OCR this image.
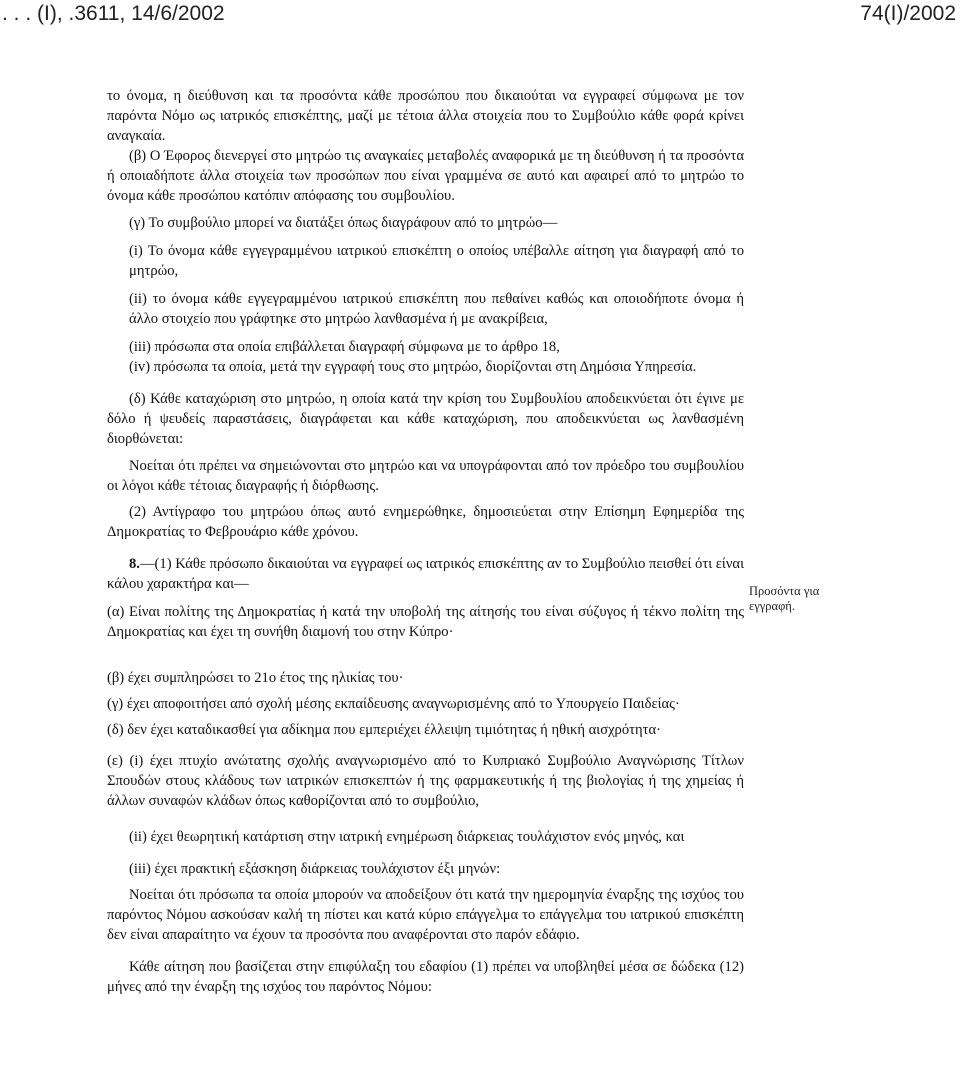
. . . (I), .3611, 14/6/2002	74(I)/2002

το όνομα, η διεύθυνση και τα προσόντα κάθε προσώπου που δικαιούται να εγγραφεί σύμφωνα με τον παρόντα Νόμο ως ιατρικός επισκέπτης, μαζί με τέτοια άλλα στοιχεία που το Συμβούλιο κάθε φορά κρίνει αναγκαία.

(β) Ο Έφορος διενεργεί στο μητρώο τις αναγκαίες μεταβολές αναφορικά με τη διεύθυνση ή τα προσόντα ή οποιαδήποτε άλλα στοιχεία των προσώπων που είναι γραμμένα σε αυτό και αφαιρεί από το μητρώο το όνομα κάθε προσώπου κατόπιν απόφασης του συμβουλίου.

(γ) Το συμβούλιο μπορεί να διατάξει όπως διαγράφουν από το μητρώο—

(i) Το όνομα κάθε εγγεγραμμένου ιατρικού επισκέπτη ο οποίος υπέβαλλε αίτηση για διαγραφή από το μητρώο,

(ii) το όνομα κάθε εγγεγραμμένου ιατρικού επισκέπτη που πεθαίνει καθώς και οποιοδήποτε όνομα ή άλλο στοιχείο που γράφτηκε στο μητρώο λανθασμένα ή με ανακρίβεια,

(iii) πρόσωπα στα οποία επιβάλλεται διαγραφή σύμφωνα με το άρθρο 18,

(iv) πρόσωπα τα οποία, μετά την εγγραφή τους στο μητρώο, διορίζονται στη Δημόσια Υπηρεσία.

(δ) Κάθε καταχώριση στο μητρώο, η οποία κατά την κρίση του Συμβουλίου αποδεικνύεται ότι έγινε με δόλο ή ψευδείς παραστάσεις, διαγράφεται και κάθε καταχώριση, που αποδεικνύεται ως λανθασμένη διορθώνεται:

Νοείται ότι πρέπει να σημειώνονται στο μητρώο και να υπογράφονται από τον πρόεδρο του συμβουλίου οι λόγοι κάθε τέτοιας διαγραφής ή διόρθωσης.

(2) Αντίγραφο του μητρώου όπως αυτό ενημερώθηκε, δημοσιεύεται στην Επίσημη Εφημερίδα της Δημοκρατίας το Φεβρουάριο κάθε χρόνου.

8.—(1) Κάθε πρόσωπο δικαιούται να εγγραφεί ως ιατρικός επισκέπτης αν το Συμβούλιο πεισθεί ότι είναι κάλου χαρακτήρα και—

(α) Είναι πολίτης της Δημοκρατίας ή κατά την υποβολή της αίτησής του είναι σύζυγος ή τέκνο πολίτη της Δημοκρατίας και έχει τη συνήθη διαμονή του στην Κύπρο·

(β) έχει συμπληρώσει το 21ο έτος της ηλικίας του·

(γ) έχει αποφοιτήσει από σχολή μέσης εκπαίδευσης αναγνωρισμένης από το Υπουργείο Παιδείας·

(δ) δεν έχει καταδικασθεί για αδίκημα που εμπεριέχει έλλειψη τιμιότητας ή ηθική αισχρότητα·

(ε) (i) έχει πτυχίο ανώτατης σχολής αναγνωρισμένο από το Κυπριακό Συμβούλιο Αναγνώρισης Τίτλων Σπουδών στους κλάδους των ιατρικών επισκεπτών ή της φαρμακευτικής ή της βιολογίας ή της χημείας ή άλλων συναφών κλάδων όπως καθορίζονται από το συμβούλιο,

(ii) έχει θεωρητική κατάρτιση στην ιατρική ενημέρωση διάρκειας τουλάχιστον ενός μηνός, και

(iii) έχει πρακτική εξάσκηση διάρκειας τουλάχιστον έξι μηνών:

Νοείται ότι πρόσωπα τα οποία μπορούν να αποδείξουν ότι κατά την ημερομηνία έναρξης της ισχύος του παρόντος Νόμου ασκούσαν καλή τη πίστει και κατά κύριο επάγγελμα το επάγγελμα του ιατρικού επισκέπτη δεν είναι απαραίτητο να έχουν τα προσόντα που αναφέρονται στο παρόν εδάφιο.

Κάθε αίτηση που βασίζεται στην επιφύλαξη του εδαφίου (1) πρέπει να υποβληθεί μέσα σε δώδεκα (12) μήνες από την έναρξη της ισχύος του παρόντος Νόμου:

Προσόντα για εγγραφή.
